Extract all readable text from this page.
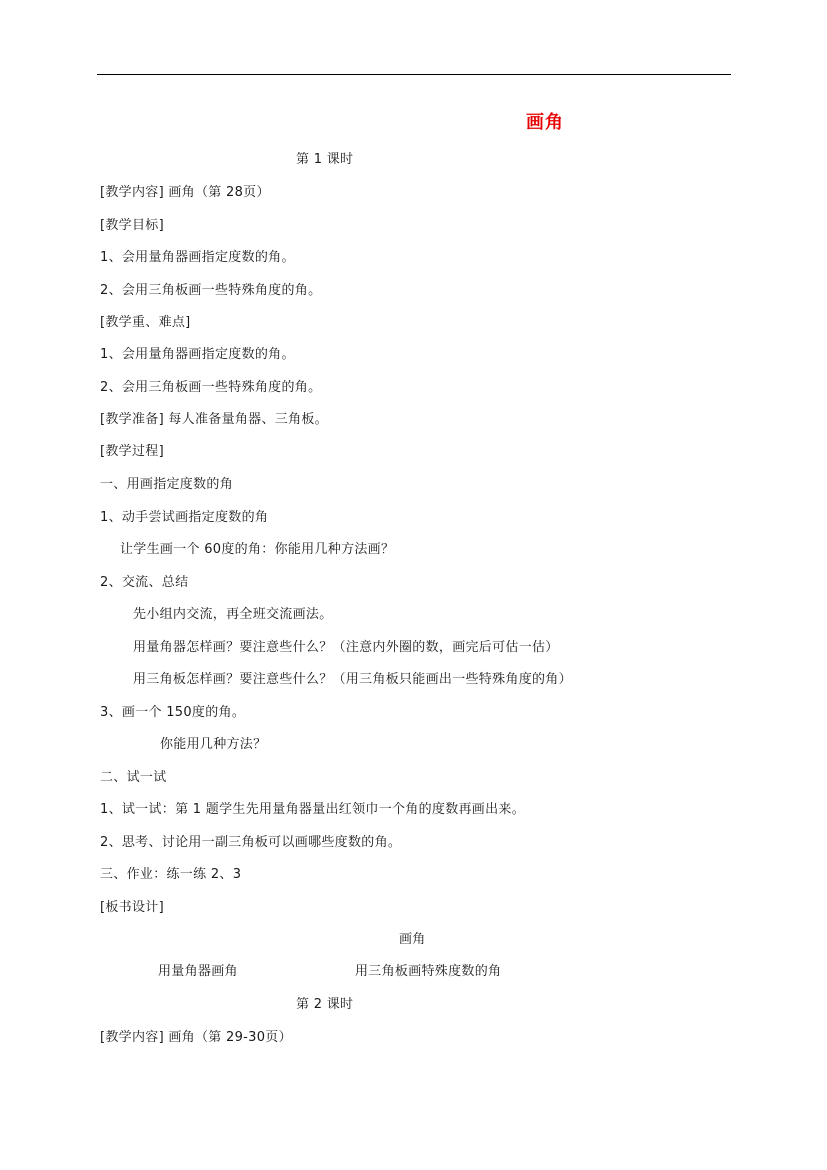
画角
第 1 课时
[教学内容] 画角（第 28页）
[教学目标]
1、会用量角器画指定度数的角。
2、会用三角板画一些特殊角度的角。
[教学重、难点]
1、会用量角器画指定度数的角。
2、会用三角板画一些特殊角度的角。
[教学准备] 每人准备量角器、三角板。
[教学过程]
一、用画指定度数的角
1、动手尝试画指定度数的角
让学生画一个 60度的角：你能用几种方法画？
2、交流、总结
先小组内交流，再全班交流画法。
用量角器怎样画？要注意些什么？（注意内外圈的数，画完后可估一估）
用三角板怎样画？要注意些什么？（用三角板只能画出一些特殊角度的角）
3、画一个 150度的角。
你能用几种方法？
二、试一试
1、试一试：第 1 题学生先用量角器量出红领巾一个角的度数再画出来。
2、思考、讨论用一副三角板可以画哪些度数的角。
三、作业：练一练 2、3
[板书设计]
画角
用量角器画角	用三角板画特殊度数的角
第 2 课时
[教学内容] 画角（第 29-30页）
